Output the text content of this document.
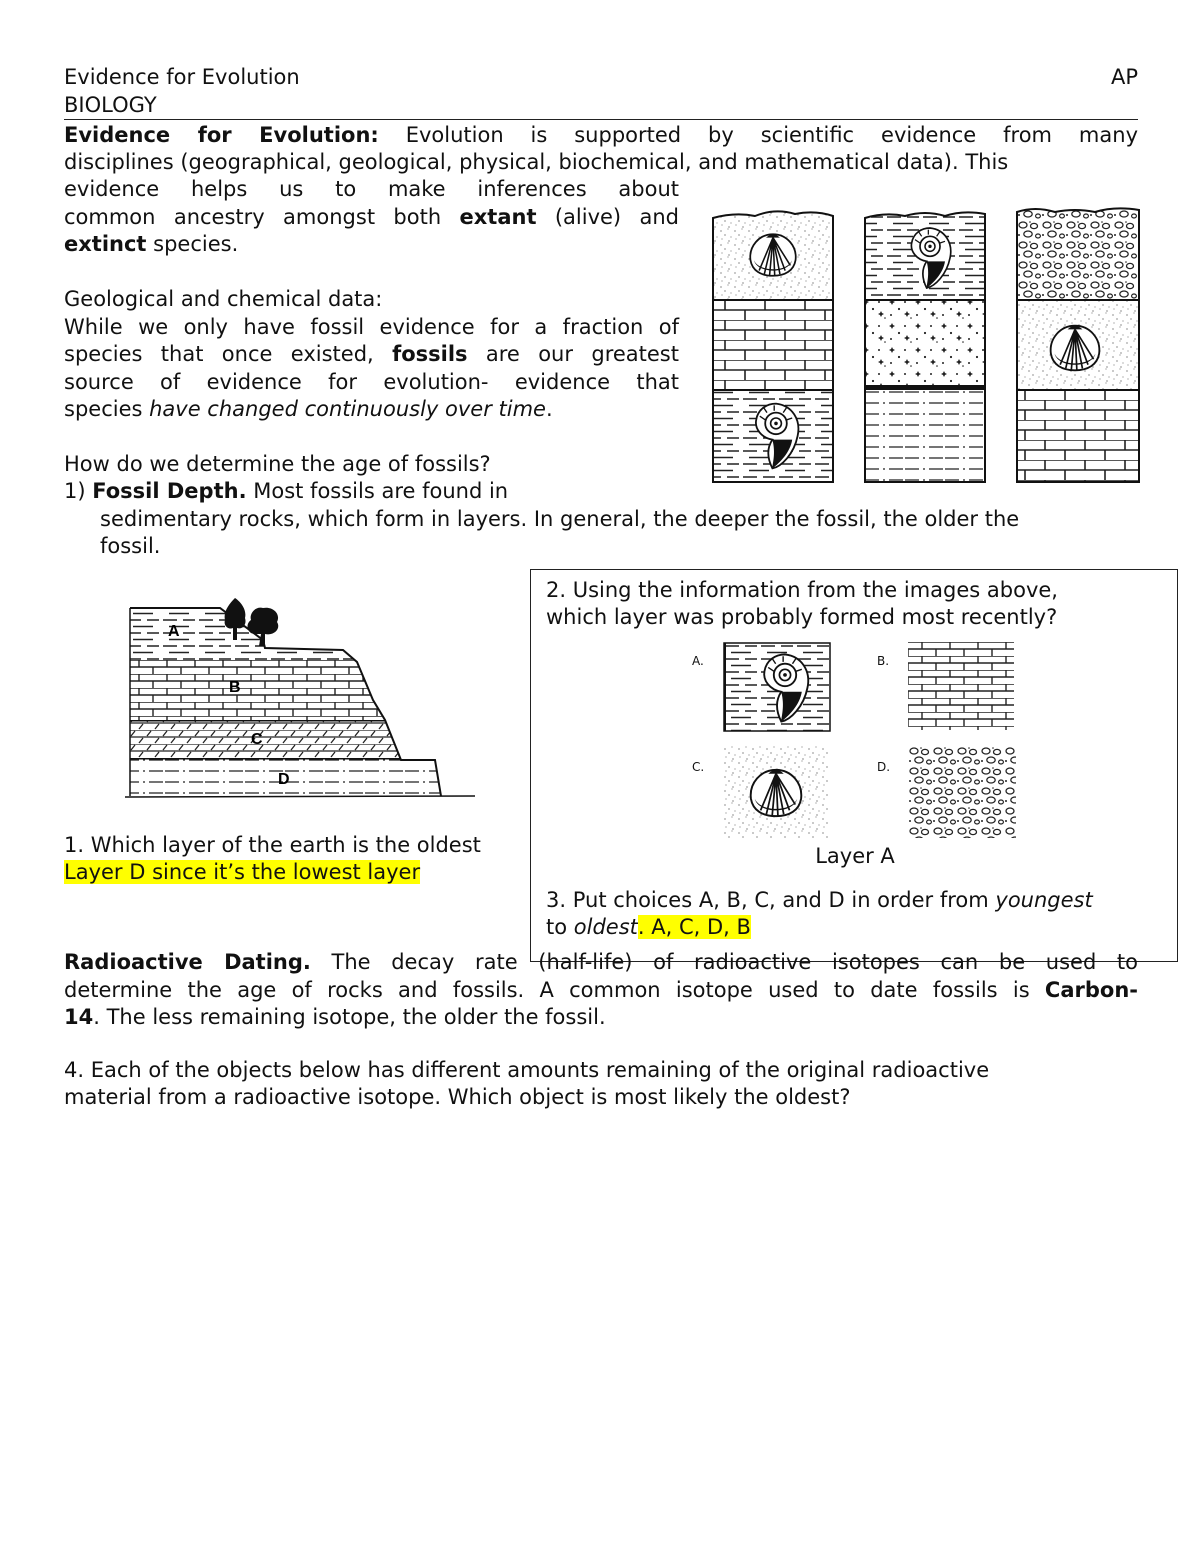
Evidence for Evolution	AP
BIOLOGY
Evidence for Evolution: Evolution is supported by scientific evidence from many
disciplines (geographical, geological, physical, biochemical, and mathematical data). This
evidence helps us to make inferences about
common ancestry amongst both extant (alive) and
extinct species.
Geological and chemical data:
While we only have fossil evidence for a fraction of
species that once existed, fossils are our greatest
source of evidence for evolution- evidence that
species have changed continuously over time.
How do we determine the age of fossils?
1) Fossil Depth. Most fossils are found in
sedimentary rocks, which form in layers. In general, the deeper the fossil, the older the
fossil.
A
B
C
D
1. Which layer of the earth is the oldest
Layer D since it’s the lowest layer
2. Using the information from the images above,
which layer was probably formed most recently?
A.	B.
C.	D.
Layer A
3. Put choices A, B, C, and D in order from youngest
to oldest. A, C, D, B
Radioactive Dating. The decay rate (half-life) of radioactive isotopes can be used to
determine the age of rocks and fossils. A common isotope used to date fossils is Carbon-
14. The less remaining isotope, the older the fossil.
4. Each of the objects below has different amounts remaining of the original radioactive
material from a radioactive isotope. Which object is most likely the oldest?
